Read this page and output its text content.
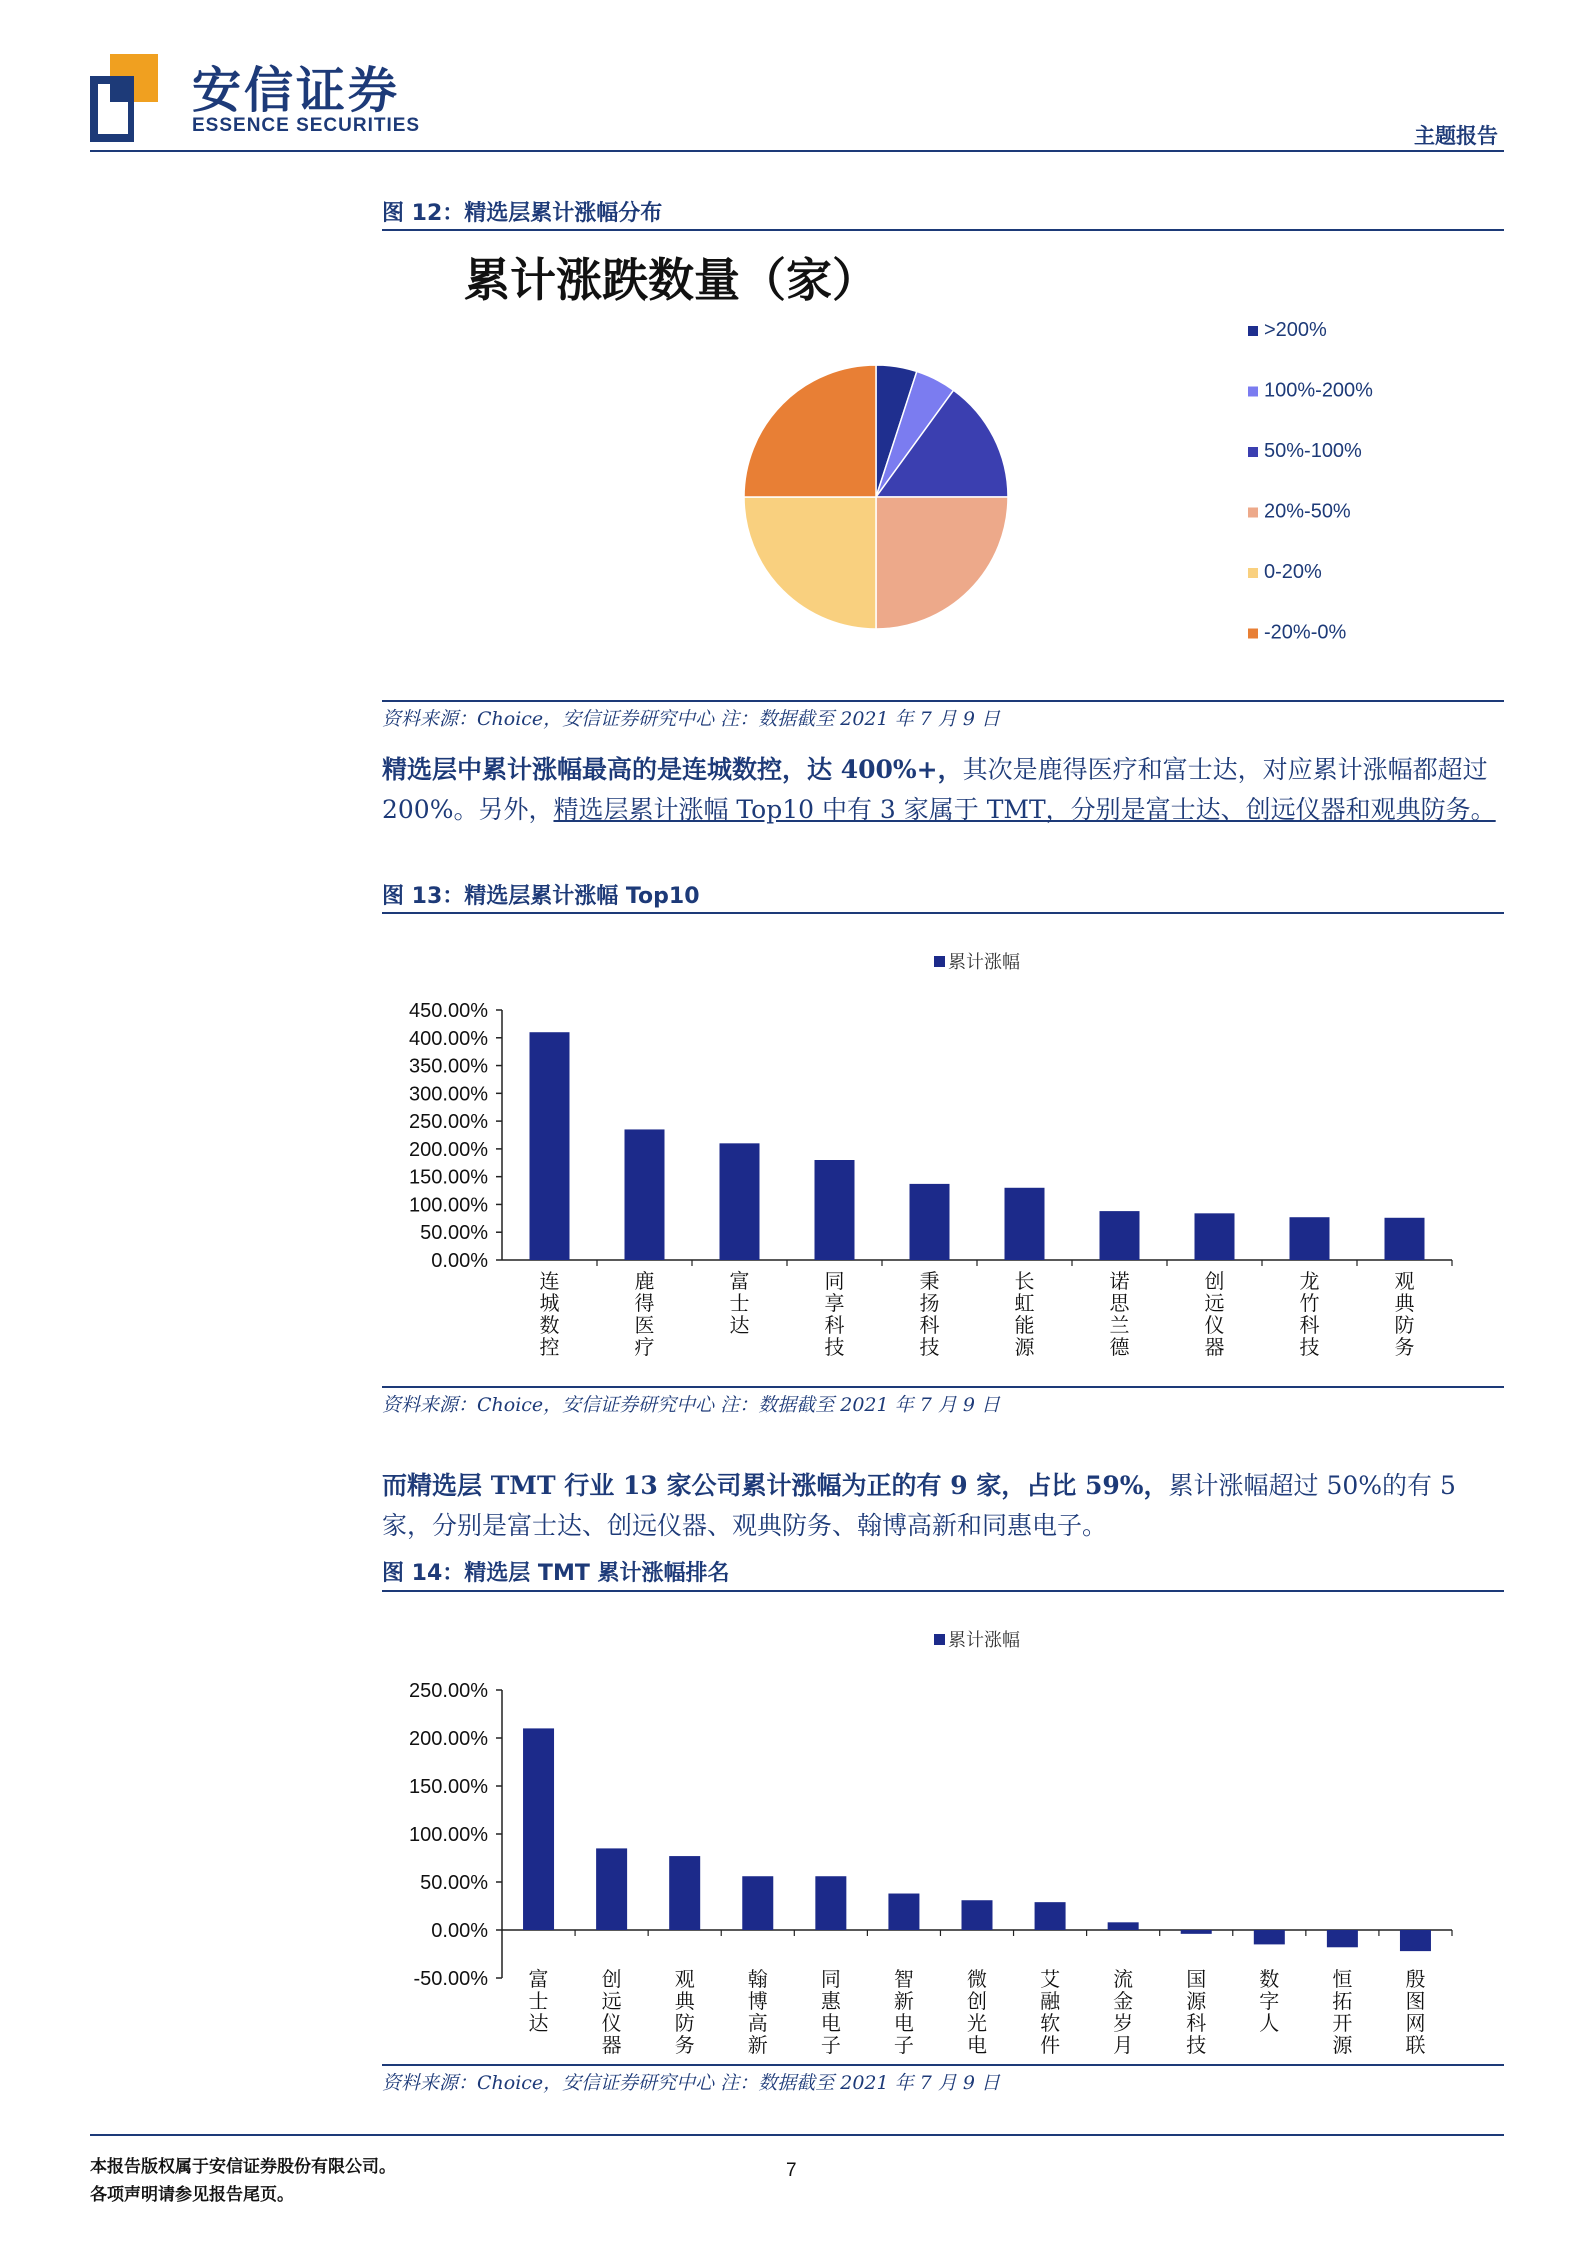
安信证券
ESSENCE SECURITIES	主题报告
图 12：精选层累计涨幅分布
累计涨跌数量（家）
>200%
100%-200%
50%-100%
20%-50%
0-20%
-20%-0%
资料来源：Choice，安信证券研究中心 注：数据截至 2021 年 7 月 9 日
精选层中累计涨幅最高的是连城数控，达 400%+，其次是鹿得医疗和富士达，对应累计涨幅都超过 200%。另外，精选层累计涨幅 Top10 中有 3 家属于 TMT，分别是富士达、创远仪器和观典防务。
图 13：精选层累计涨幅 Top10
累计涨幅
0.00%
50.00%
100.00%
150.00%
200.00%
250.00%
300.00%
350.00%
400.00%
450.00%
连城数控
鹿得医疗
富士达
同享科技
秉扬科技
长虹能源
诺思兰德
创远仪器
龙竹科技
观典防务
资料来源：Choice，安信证券研究中心 注：数据截至 2021 年 7 月 9 日
而精选层 TMT 行业 13 家公司累计涨幅为正的有 9 家，占比 59%，累计涨幅超过 50%的有 5 家，分别是富士达、创远仪器、观典防务、翰博高新和同惠电子。
图 14：精选层 TMT 累计涨幅排名
累计涨幅
-50.00%
0.00%
50.00%
100.00%
150.00%
200.00%
250.00%
富士达
创远仪器
观典防务
翰博高新
同惠电子
智新电子
微创光电
艾融软件
流金岁月
国源科技
数字人
恒拓开源
殷图网联
资料来源：Choice，安信证券研究中心 注：数据截至 2021 年 7 月 9 日
本报告版权属于安信证券股份有限公司。
各项声明请参见报告尾页。
7
